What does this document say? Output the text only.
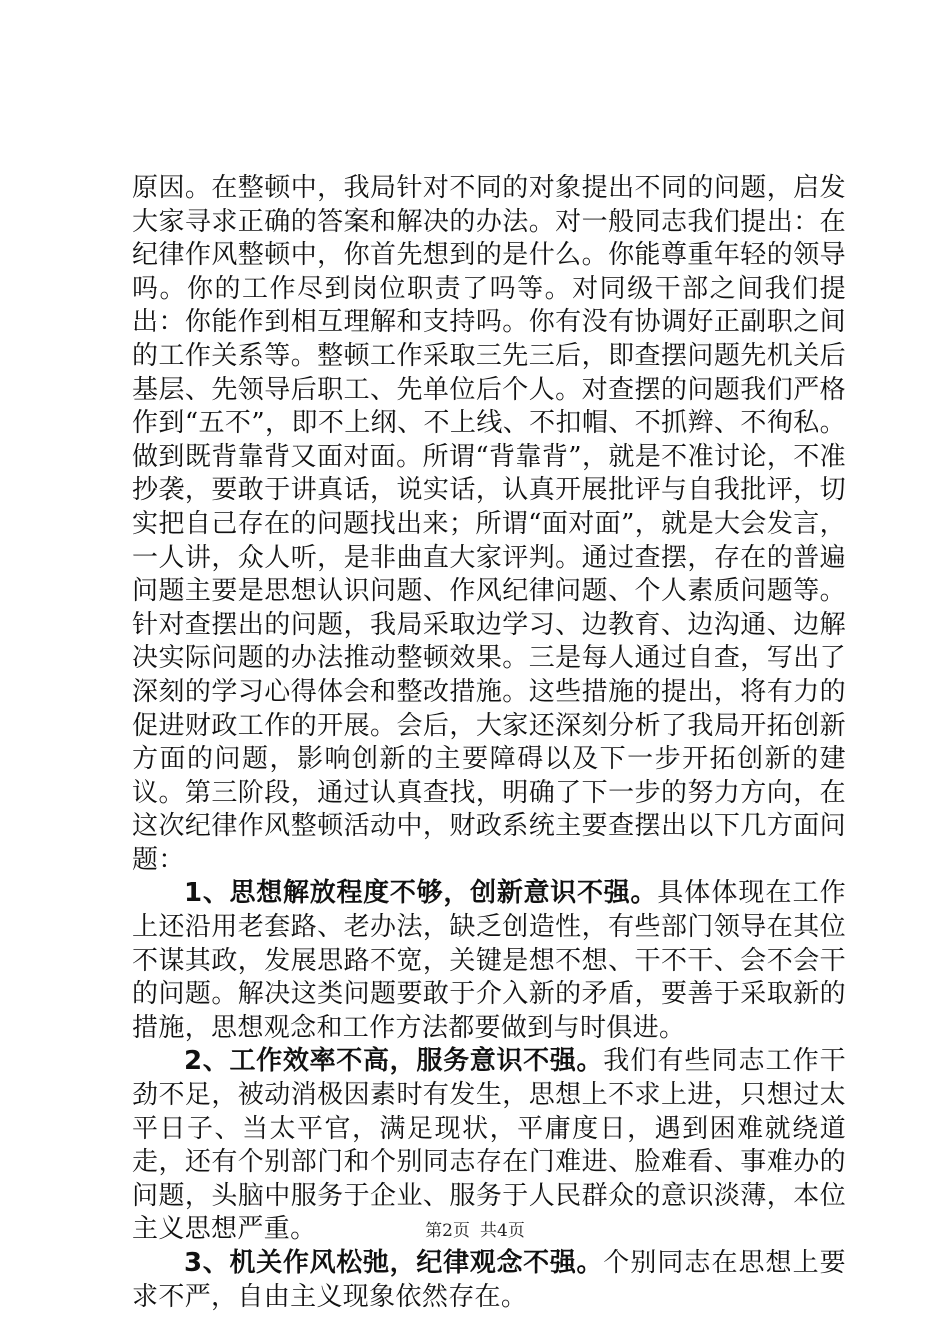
原因。在整顿中，我局针对不同的对象提出不同的问题，启发大家寻求正确的答案和解决的办法。对一般同志我们提出：在纪律作风整顿中，你首先想到的是什么。你能尊重年轻的领导吗。你的工作尽到岗位职责了吗等。对同级干部之间我们提出：你能作到相互理解和支持吗。你有没有协调好正副职之间的工作关系等。整顿工作采取三先三后，即查摆问题先机关后基层、先领导后职工、先单位后个人。对查摆的问题我们严格作到“五不”，即不上纲、不上线、不扣帽、不抓辫、不徇私。做到既背靠背又面对面。所谓“背靠背”，就是不准讨论，不准抄袭，要敢于讲真话，说实话，认真开展批评与自我批评，切实把自己存在的问题找出来；所谓“面对面”，就是大会发言，一人讲，众人听，是非曲直大家评判。通过查摆，存在的普遍问题主要是思想认识问题、作风纪律问题、个人素质问题等。针对查摆出的问题，我局采取边学习、边教育、边沟通、边解决实际问题的办法推动整顿效果。三是每人通过自查，写出了深刻的学习心得体会和整改措施。这些措施的提出，将有力的促进财政工作的开展。会后，大家还深刻分析了我局开拓创新方面的问题，影响创新的主要障碍以及下一步开拓创新的建议。第三阶段，通过认真查找，明确了下一步的努力方向，在这次纪律作风整顿活动中，财政系统主要查摆出以下几方面问题：

1、思想解放程度不够，创新意识不强。具体体现在工作上还沿用老套路、老办法，缺乏创造性，有些部门领导在其位不谋其政，发展思路不宽，关键是想不想、干不干、会不会干的问题。解决这类问题要敢于介入新的矛盾，要善于采取新的措施，思想观念和工作方法都要做到与时俱进。

2、工作效率不高，服务意识不强。我们有些同志工作干劲不足，被动消极因素时有发生，思想上不求上进，只想过太平日子、当太平官，满足现状，平庸度日，遇到困难就绕道走，还有个别部门和个别同志存在门难进、脸难看、事难办的问题，头脑中服务于企业、服务于人民群众的意识淡薄，本位主义思想严重。

3、机关作风松弛，纪律观念不强。个别同志在思想上要求不严，自由主义现象依然存在。

第2页 共4页
